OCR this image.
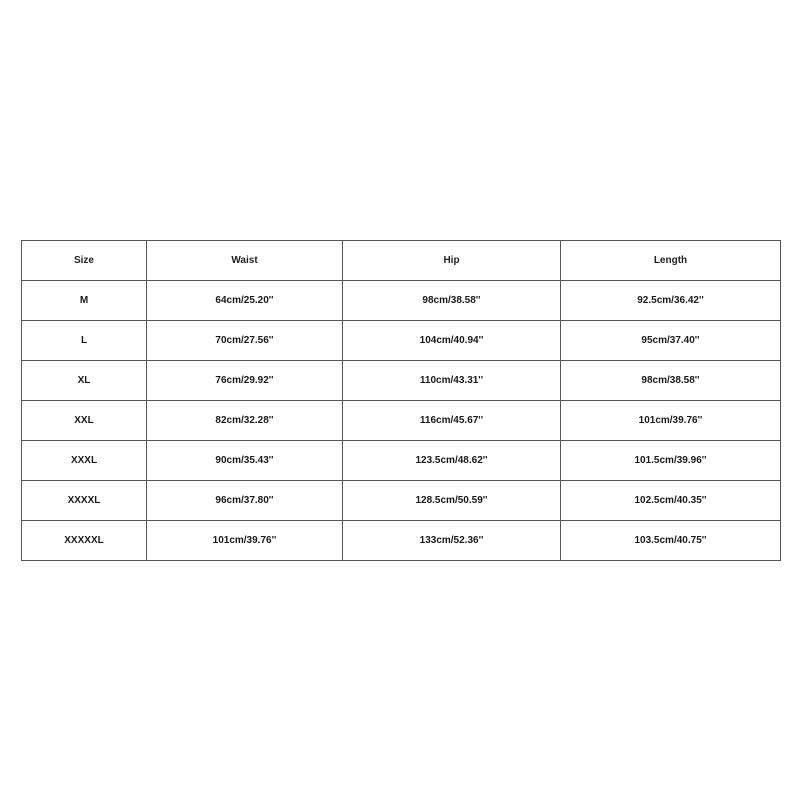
Size	Waist	Hip	Length
M	64cm/25.20''	98cm/38.58''	92.5cm/36.42''
L	70cm/27.56''	104cm/40.94''	95cm/37.40''
XL	76cm/29.92''	110cm/43.31''	98cm/38.58''
XXL	82cm/32.28''	116cm/45.67''	101cm/39.76''
XXXL	90cm/35.43''	123.5cm/48.62''	101.5cm/39.96''
XXXXL	96cm/37.80''	128.5cm/50.59''	102.5cm/40.35''
XXXXXL	101cm/39.76''	133cm/52.36''	103.5cm/40.75''
